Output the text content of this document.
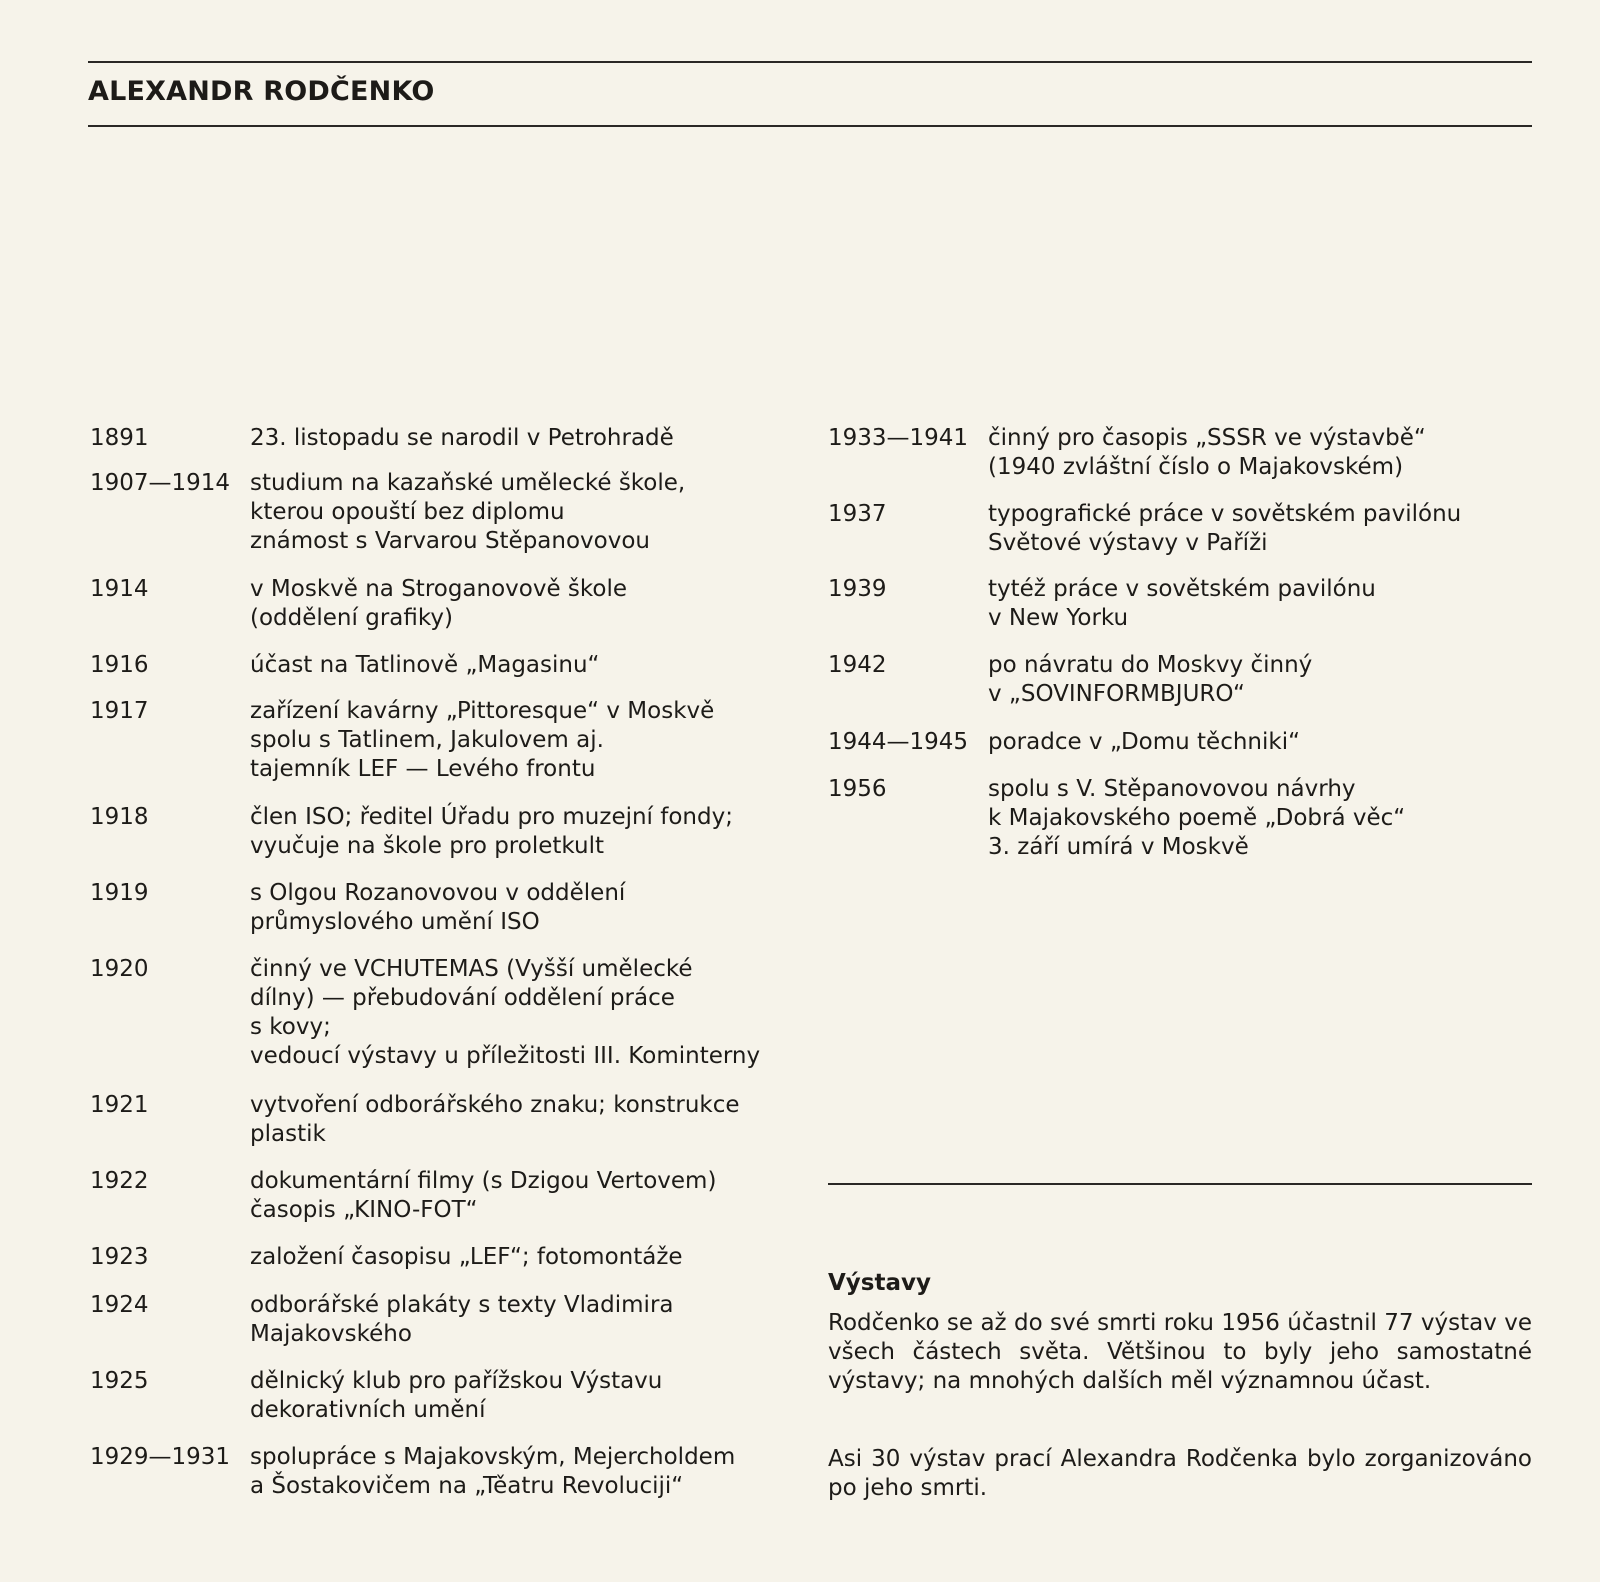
ALEXANDR RODČENKO
1891	23. listopadu se narodil v Petrohradě
1907—1914 studium na kazaňské umělecké škole,
kterou opouští bez diplomu
známost s Varvarou Stěpanovovou
1914	v Moskvě na Stroganovově škole
(oddělení grafiky)
1916	účast na Tatlinově „Magasinu“
1917	zařízení kavárny „Pittoresque“ v Moskvě
spolu s Tatlinem, Jakulovem aj.
tajemník LEF — Levého frontu
1918	člen ISO; ředitel Úřadu pro muzejní fondy;
vyučuje na škole pro proletkult
1919	s Olgou Rozanovovou v oddělení
průmyslového umění ISO
1920	činný ve VCHUTEMAS (Vyšší umělecké
dílny) — přebudování oddělení práce
s kovy;
vedoucí výstavy u příležitosti III. Kominterny
1921	vytvoření odborářského znaku; konstrukce
plastik
1922	dokumentární filmy (s Dzigou Vertovem)
časopis „KINO-FOT“
1923	založení časopisu „LEF“; fotomontáže
1924	odborářské plakáty s texty Vladimira
Majakovského
1925	dělnický klub pro pařížskou Výstavu
dekorativních umění
1929—1931 spolupráce s Majakovským, Mejercholdem
a Šostakovičem na „Těatru Revoluciji“
1933—1941 činný pro časopis „SSSR ve výstavbě“
(1940 zvláštní číslo o Majakovském)
1937	typografické práce v sovětském pavilónu
Světové výstavy v Paříži
1939	tytéž práce v sovětském pavilónu
v New Yorku
1942	po návratu do Moskvy činný
v „SOVINFORMBJURO“
1944—1945 poradce v „Domu těchniki“
1956	spolu s V. Stěpanovovou návrhy
k Majakovského poemě „Dobrá věc“
3. září umírá v Moskvě
Výstavy
Rodčenko se až do své smrti roku 1956 účastnil 77 výstav ve všech částech světa. Většinou to byly jeho samostatné výstavy; na mnohých dalších měl významnou účast.
Asi 30 výstav prací Alexandra Rodčenka bylo zorganizováno po jeho smrti.
